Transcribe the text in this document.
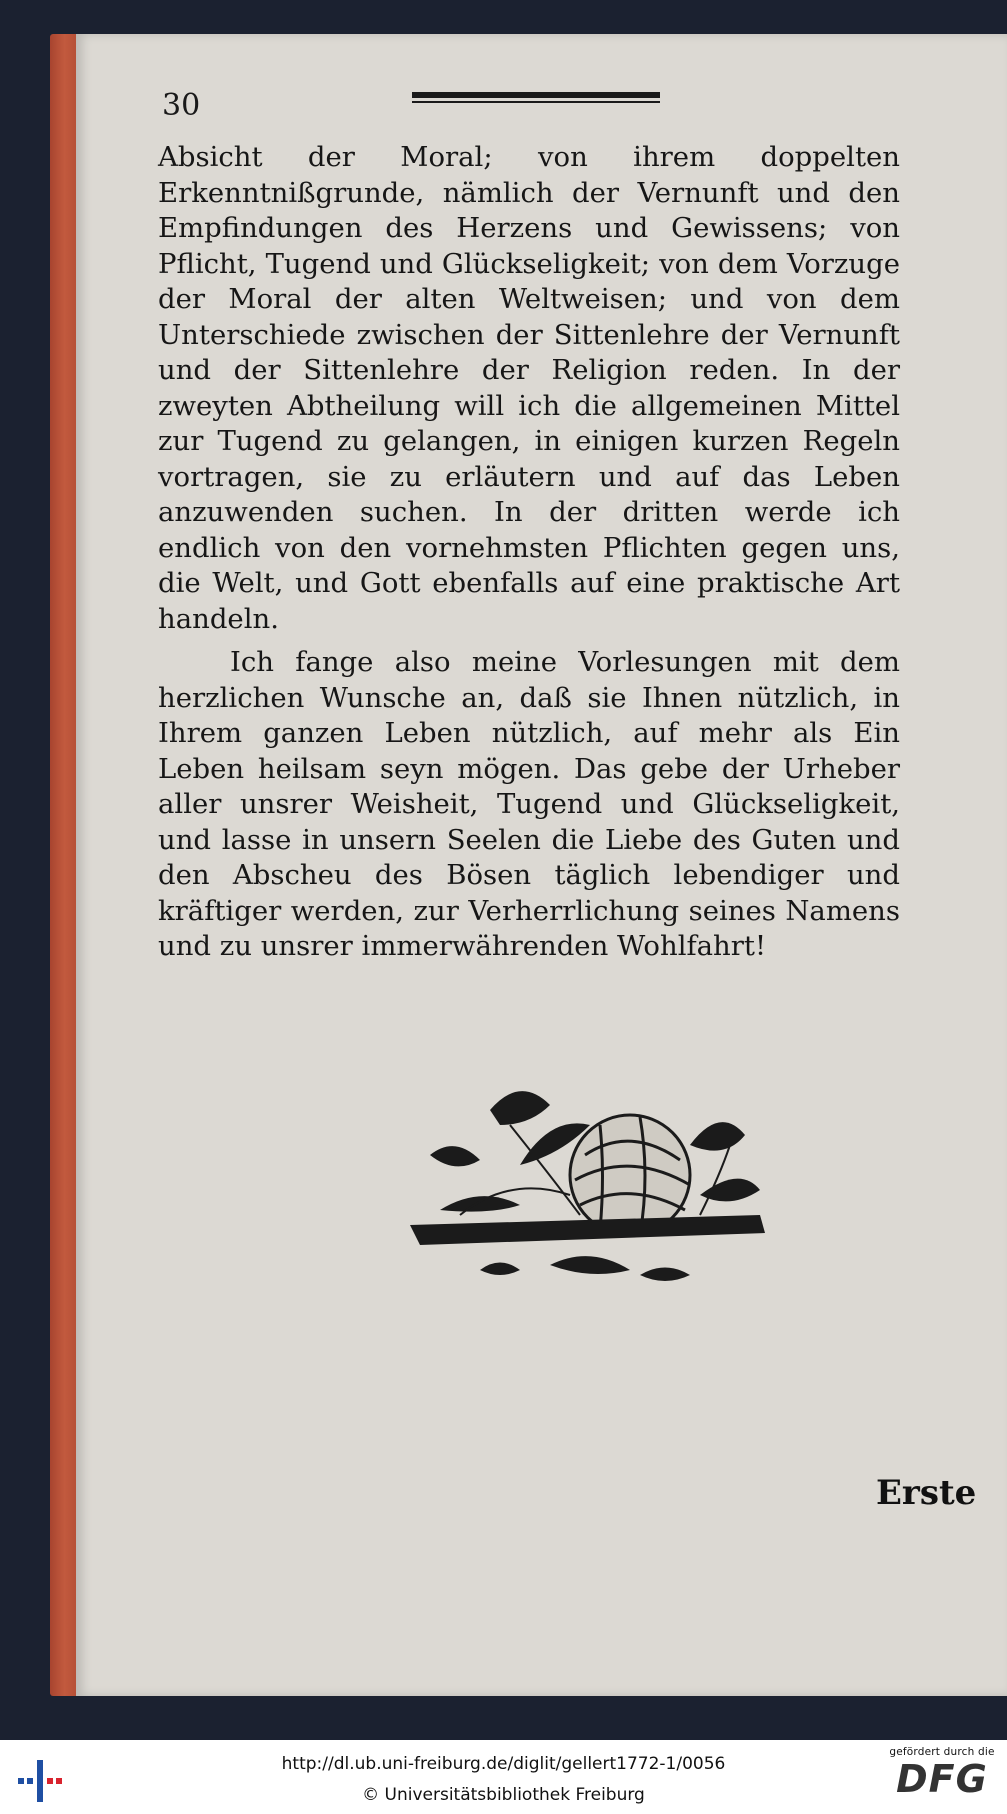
30

Absicht der Moral; von ihrem doppelten Erkenntnißgrunde, nämlich der Vernunft und den Empfindungen des Herzens und Gewissens; von Pflicht, Tugend und Glückseligkeit; von dem Vorzuge der Moral der alten Weltweisen; und von dem Unterschiede zwischen der Sittenlehre der Vernunft und der Sittenlehre der Religion reden. In der zweyten Abtheilung will ich die allgemeinen Mittel zur Tugend zu gelangen, in einigen kurzen Regeln vortragen, sie zu erläutern und auf das Leben anzuwenden suchen. In der dritten werde ich endlich von den vornehmsten Pflichten gegen uns, die Welt, und Gott ebenfalls auf eine praktische Art handeln.

Ich fange also meine Vorlesungen mit dem herzlichen Wunsche an, daß sie Ihnen nützlich, in Ihrem ganzen Leben nützlich, auf mehr als Ein Leben heilsam seyn mögen. Das gebe der Urheber aller unsrer Weisheit, Tugend und Glückseligkeit, und lasse in unsern Seelen die Liebe des Guten und den Abscheu des Bösen täglich lebendiger und kräftiger werden, zur Verherrlichung seines Namens und zu unsrer immerwährenden Wohlfahrt!

Erste
http://dl.ub.uni-freiburg.de/diglit/gellert1772-1/0056
© Universitätsbibliothek Freiburg
gefördert durch die
DFG
